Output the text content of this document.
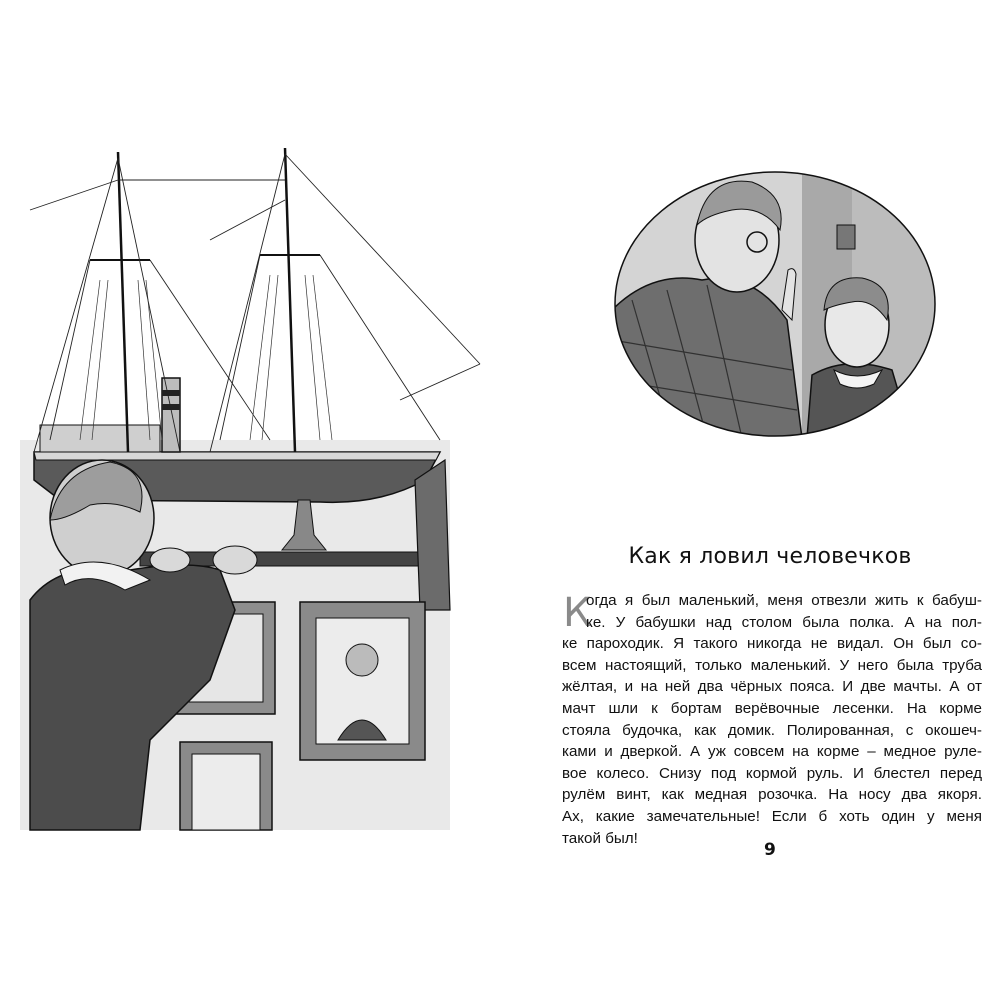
Как я ловил человечков
К
огда я был маленький, меня отвезли жить к бабуш-
ке. У бабушки над столом была полка. А на пол-
ке пароходик. Я такого никогда не видал. Он был со-
всем настоящий, только маленький. У него была труба
жёлтая, и на ней два чёрных пояса. И две мачты. А от
мачт шли к бортам верёвочные лесенки. На корме
стояла будочка, как домик. Полированная, с окошеч-
ками и дверкой. А уж совсем на корме – медное руле-
вое колесо. Снизу под кормой руль. И блестел перед
рулём винт, как медная розочка. На носу два якоря.
Ах, какие замечательные! Если б хоть один у меня
такой был!
9
